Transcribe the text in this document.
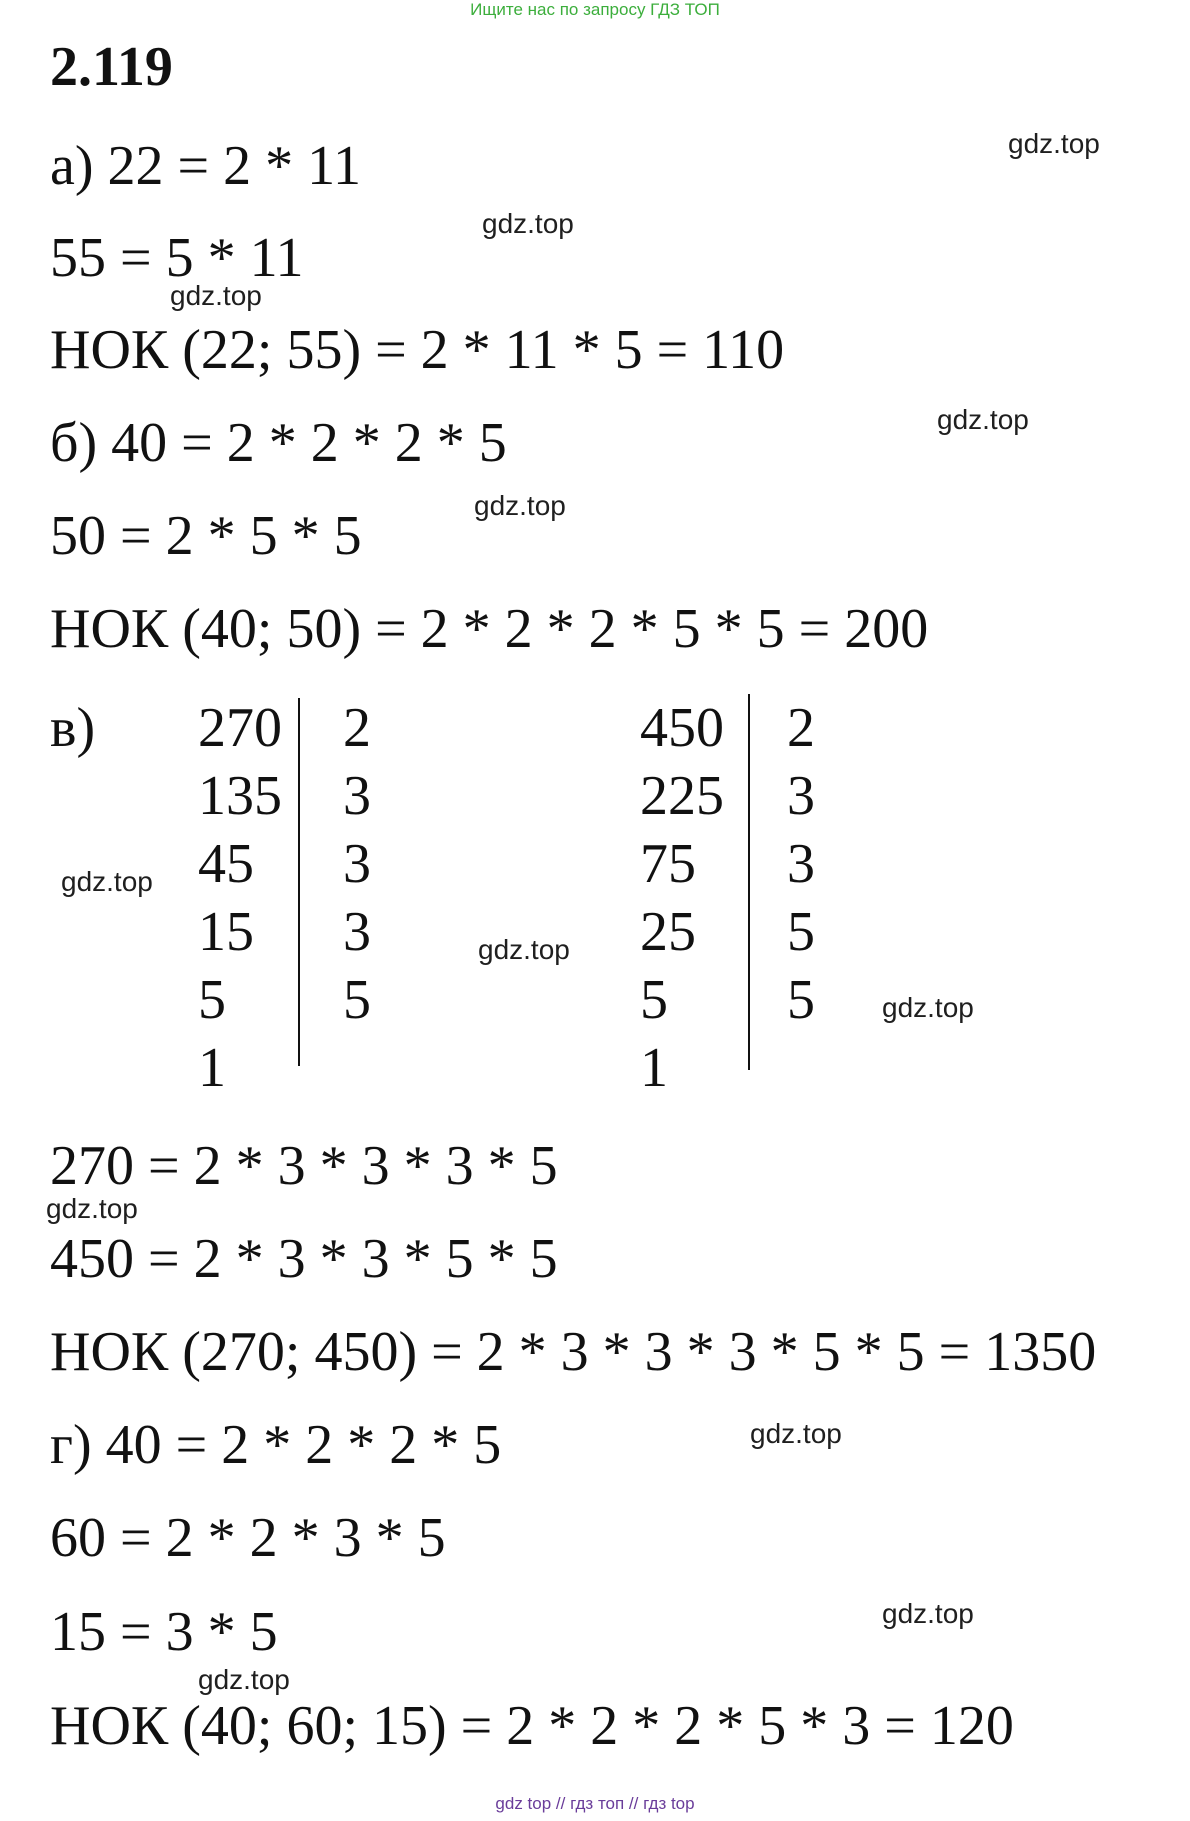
Ищите нас по запросу ГДЗ ТОП
2.119
а) 22 = 2 * 11
55 = 5 * 11
НОК (22; 55) = 2 * 11 * 5 = 110
б) 40 = 2 * 2 * 2 * 5
50 = 2 * 5 * 5
НОК (40; 50) = 2 * 2 * 2 * 5 * 5 = 200
в) 270
135
45
15
5
1
2
3
3
3
5
450
225
75
25
5
1
2
3
3
5
5
270 = 2 * 3 * 3 * 3 * 5
450 = 2 * 3 * 3 * 5 * 5
НОК (270; 450) = 2 * 3 * 3 * 3 * 5 * 5 = 1350
г) 40 = 2 * 2 * 2 * 5
60 = 2 * 2 * 3 * 5
15 = 3 * 5
НОК (40; 60; 15) = 2 * 2 * 2 * 5 * 3 = 120
gdz.top
gdz.top
gdz.top
gdz.top
gdz.top
gdz.top
gdz.top
gdz.top
gdz.top
gdz.top
gdz.top
gdz.top
gdz top // гдз топ // гдз top
